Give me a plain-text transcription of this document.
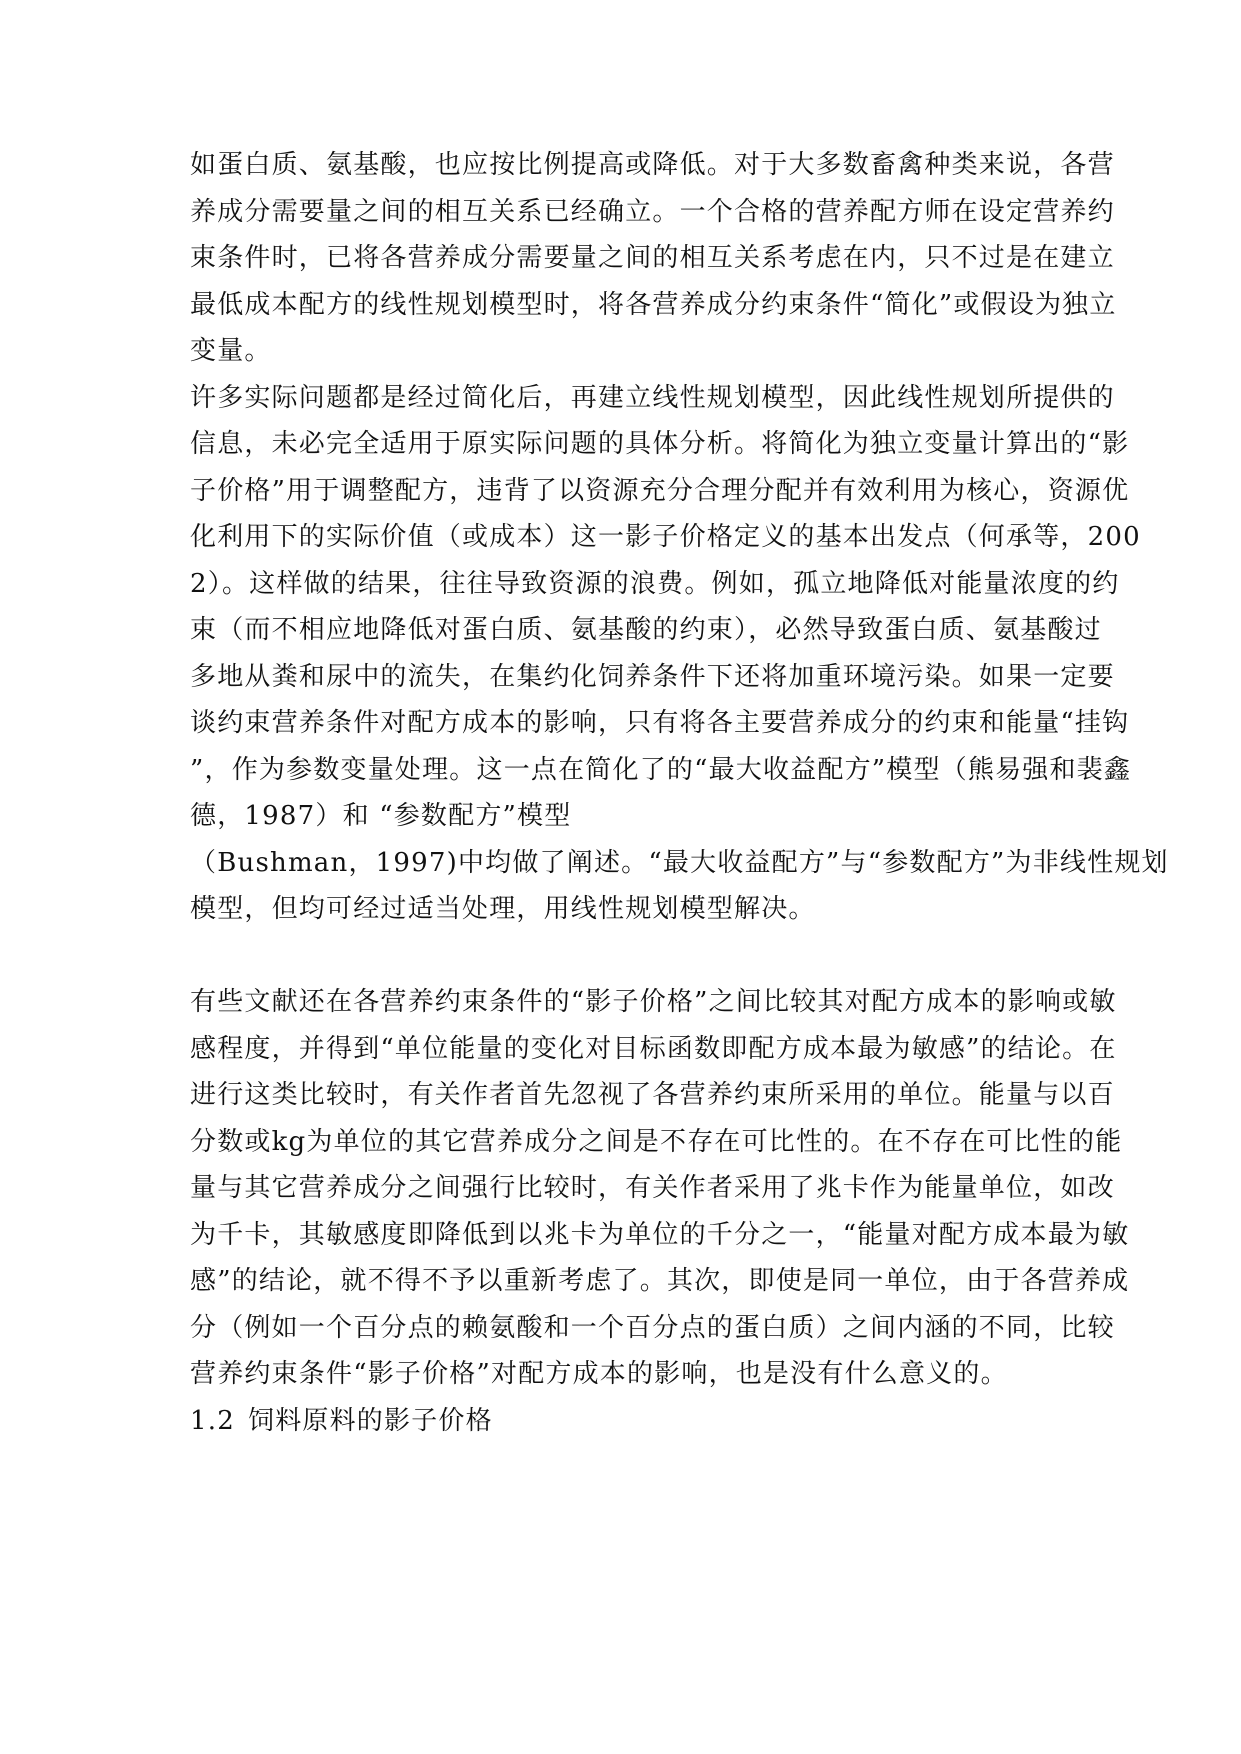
如蛋白质、氨基酸，也应按比例提高或降低。对于大多数畜禽种类来说，各营
养成分需要量之间的相互关系已经确立。一个合格的营养配方师在设定营养约
束条件时，已将各营养成分需要量之间的相互关系考虑在内，只不过是在建立
最低成本配方的线性规划模型时，将各营养成分约束条件“简化”或假设为独立
变量。
许多实际问题都是经过简化后，再建立线性规划模型，因此线性规划所提供的
信息，未必完全适用于原实际问题的具体分析。将简化为独立变量计算出的“影
子价格”用于调整配方，违背了以资源充分合理分配并有效利用为核心，资源优
化利用下的实际价值（或成本）这一影子价格定义的基本出发点（何承等，200
2）。这样做的结果，往往导致资源的浪费。例如，孤立地降低对能量浓度的约
束（而不相应地降低对蛋白质、氨基酸的约束），必然导致蛋白质、氨基酸过
多地从粪和尿中的流失，在集约化饲养条件下还将加重环境污染。如果一定要
谈约束营养条件对配方成本的影响，只有将各主要营养成分的约束和能量“挂钩
”，作为参数变量处理。这一点在简化了的“最大收益配方”模型（熊易强和裴鑫
德，1987）和 “参数配方”模型
（Bushman，1997)中均做了阐述。“最大收益配方”与“参数配方”为非线性规划
模型，但均可经过适当处理，用线性规划模型解决。
有些文献还在各营养约束条件的“影子价格”之间比较其对配方成本的影响或敏
感程度，并得到“单位能量的变化对目标函数即配方成本最为敏感”的结论。在
进行这类比较时，有关作者首先忽视了各营养约束所采用的单位。能量与以百
分数或kg为单位的其它营养成分之间是不存在可比性的。在不存在可比性的能
量与其它营养成分之间强行比较时，有关作者采用了兆卡作为能量单位，如改
为千卡，其敏感度即降低到以兆卡为单位的千分之一，“能量对配方成本最为敏
感”的结论，就不得不予以重新考虑了。其次，即使是同一单位，由于各营养成
分（例如一个百分点的赖氨酸和一个百分点的蛋白质）之间内涵的不同，比较
营养约束条件“影子价格”对配方成本的影响，也是没有什么意义的。
1.2 饲料原料的影子价格
